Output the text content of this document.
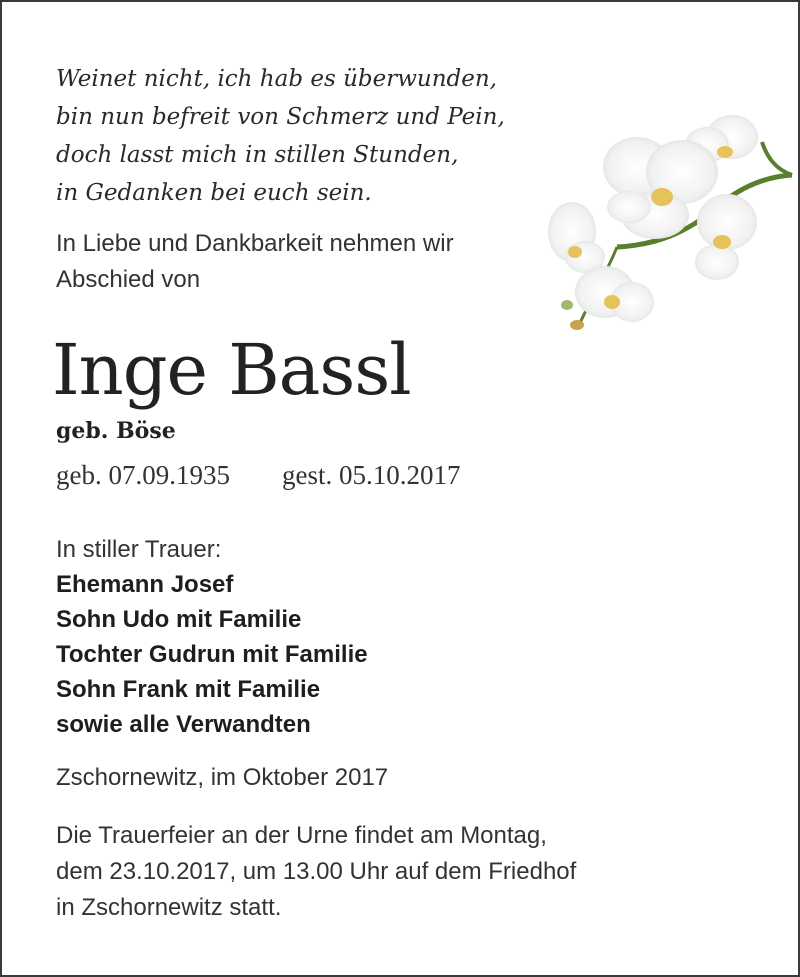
Weinet nicht, ich hab es überwunden,
bin nun befreit von Schmerz und Pein,
doch lasst mich in stillen Stunden,
in Gedanken bei euch sein.
In Liebe und Dankbarkeit nehmen wir
Abschied von
Inge Bassl
geb. Böse
geb. 07.09.1935 gest. 05.10.2017
In stiller Trauer:
Ehemann Josef
Sohn Udo mit Familie
Tochter Gudrun mit Familie
Sohn Frank mit Familie
sowie alle Verwandten
Zschornewitz, im Oktober 2017
Die Trauerfeier an der Urne findet am Montag,
dem 23.10.2017, um 13.00 Uhr auf dem Friedhof
in Zschornewitz statt.
